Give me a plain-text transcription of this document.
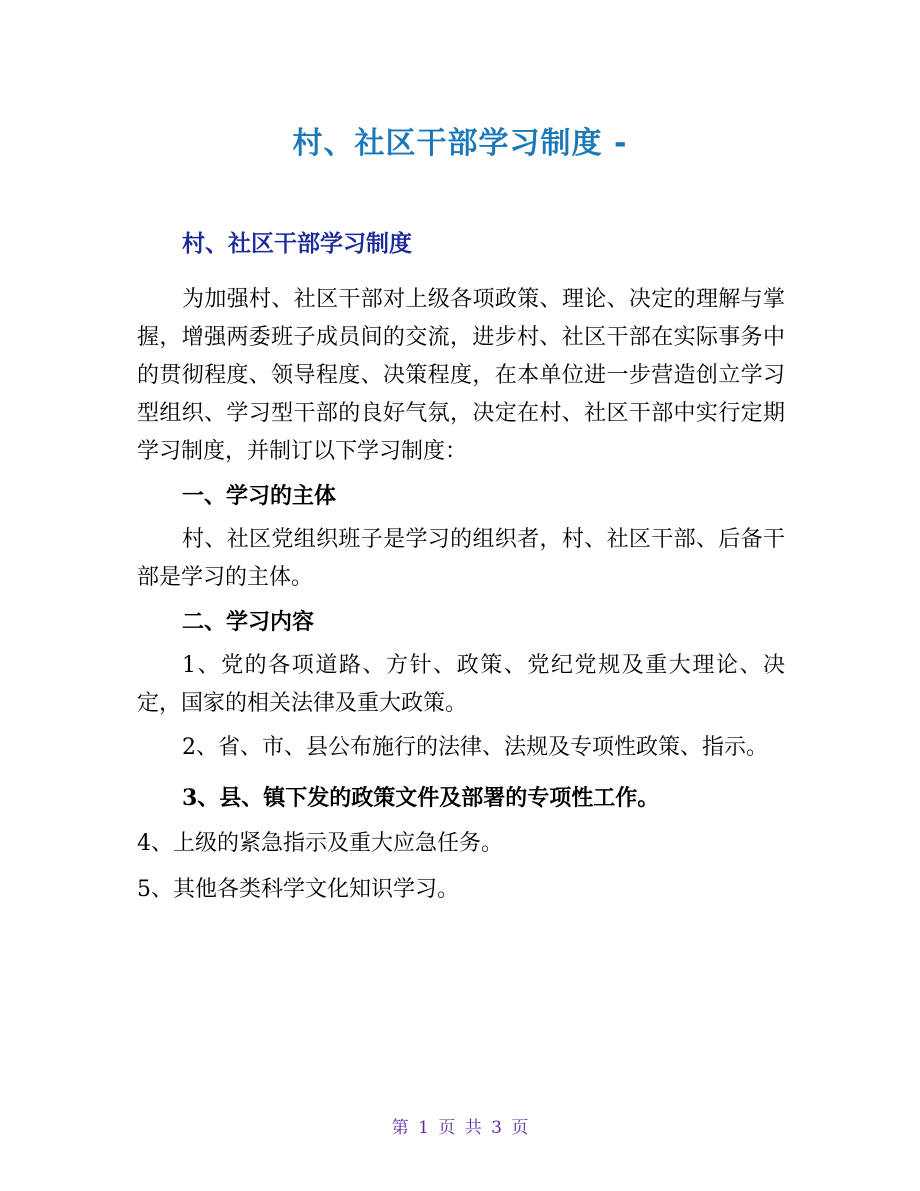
村、社区干部学习制度 -
村、社区干部学习制度

为加强村、社区干部对上级各项政策、理论、决定的理解与掌握，增强两委班子成员间的交流，进步村、社区干部在实际事务中的贯彻程度、领导程度、决策程度，在本单位进一步营造创立学习型组织、学习型干部的良好气氛，决定在村、社区干部中实行定期学习制度，并制订以下学习制度：

一、学习的主体

村、社区党组织班子是学习的组织者，村、社区干部、后备干部是学习的主体。

二、学习内容

1、党的各项道路、方针、政策、党纪党规及重大理论、决定，国家的相关法律及重大政策。

2、省、市、县公布施行的法律、法规及专项性政策、指示。

3、县、镇下发的政策文件及部署的专项性工作。

4、上级的紧急指示及重大应急任务。

5、其他各类科学文化知识学习。

第 1 页 共 3 页
